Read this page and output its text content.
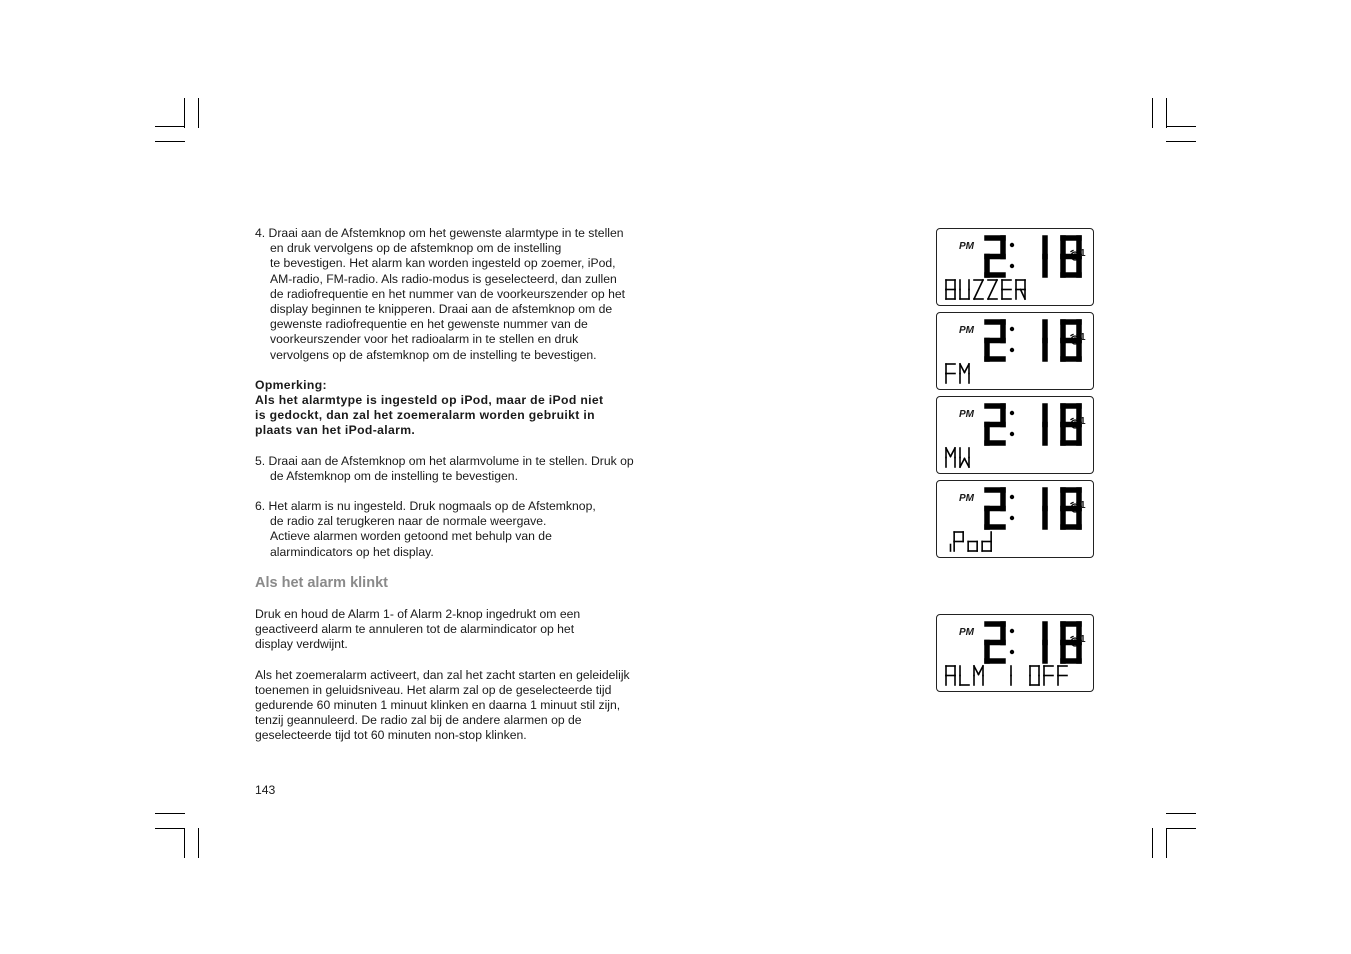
4. Draai aan de Afstemknop om het gewenste alarmtype in te stellen
en druk vervolgens op de afstemknop om de instelling
te bevestigen. Het alarm kan worden ingesteld op zoemer, iPod,
AM-radio, FM-radio. Als radio-modus is geselecteerd, dan zullen
de radiofrequentie en het nummer van de voorkeurszender op het
display beginnen te knipperen. Draai aan de afstemknop om de
gewenste radiofrequentie en het gewenste nummer van de
voorkeurszender voor het radioalarm in te stellen en druk
vervolgens op de afstemknop om de instelling te bevestigen.
Opmerking:
Als het alarmtype is ingesteld op iPod, maar de iPod niet
is gedockt, dan zal het zoemeralarm worden gebruikt in
plaats van het iPod-alarm.
5. Draai aan de Afstemknop om het alarmvolume in te stellen. Druk op
de Afstemknop om de instelling te bevestigen.
6. Het alarm is nu ingesteld. Druk nogmaals op de Afstemknop,
de radio zal terugkeren naar de normale weergave.
Actieve alarmen worden getoond met behulp van de
alarmindicators op het display.
Als het alarm klinkt
Druk en houd de Alarm 1- of Alarm 2-knop ingedrukt om een
geactiveerd alarm te annuleren tot de alarmindicator op het
display verdwijnt.
Als het zoemeralarm activeert, dan zal het zacht starten en geleidelijk
toenemen in geluidsniveau. Het alarm zal op de geselecteerde tijd
gedurende 60 minuten 1 minuut klinken en daarna 1 minuut stil zijn,
tenzij geannuleerd. De radio zal bij de andere alarmen op de
geselecteerde tijd tot 60 minuten non-stop klinken.
143
PM
1
PM
1
PM
1
PM
1
PM
1
